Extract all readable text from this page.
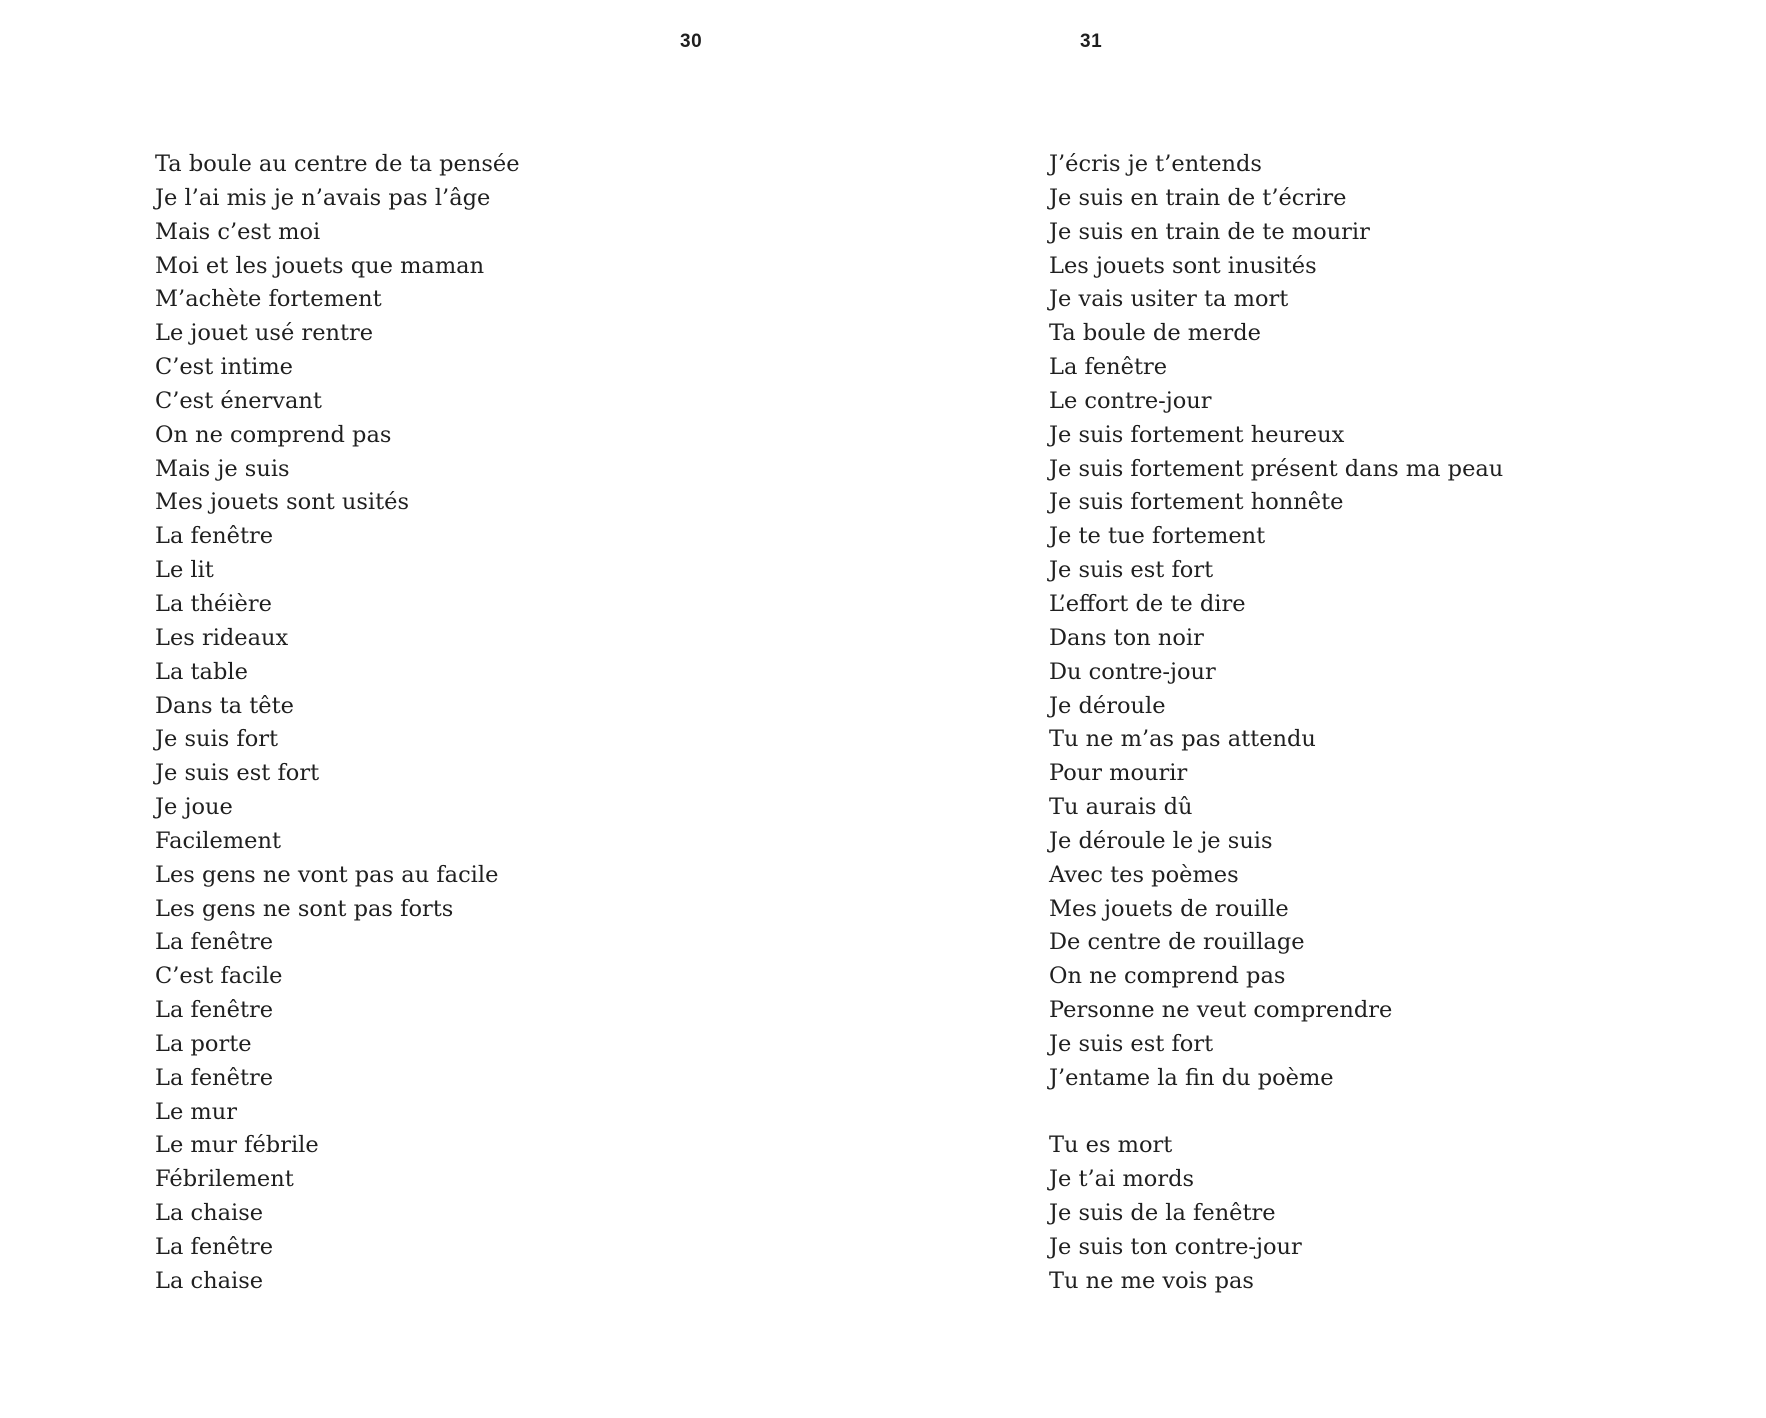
30	31
Ta boule au centre de ta pensée
Je l’ai mis je n’avais pas l’âge
Mais c’est moi
Moi et les jouets que maman
M’achète fortement
Le jouet usé rentre
C’est intime
C’est énervant
On ne comprend pas
Mais je suis
Mes jouets sont usités
La fenêtre
Le lit
La théière
Les rideaux
La table
Dans ta tête
Je suis fort
Je suis est fort
Je joue
Facilement
Les gens ne vont pas au facile
Les gens ne sont pas forts
La fenêtre
C’est facile
La fenêtre
La porte
La fenêtre
Le mur
Le mur fébrile
Fébrilement
La chaise
La fenêtre
La chaise
J’écris je t’entends
Je suis en train de t’écrire
Je suis en train de te mourir
Les jouets sont inusités
Je vais usiter ta mort
Ta boule de merde
La fenêtre
Le contre-jour
Je suis fortement heureux
Je suis fortement présent dans ma peau
Je suis fortement honnête
Je te tue fortement
Je suis est fort
L’effort de te dire
Dans ton noir
Du contre-jour
Je déroule
Tu ne m’as pas attendu
Pour mourir
Tu aurais dû
Je déroule le je suis
Avec tes poèmes
Mes jouets de rouille
De centre de rouillage
On ne comprend pas
Personne ne veut comprendre
Je suis est fort
J’entame la fin du poème
Tu es mort
Je t’ai mords
Je suis de la fenêtre
Je suis ton contre-jour
Tu ne me vois pas
